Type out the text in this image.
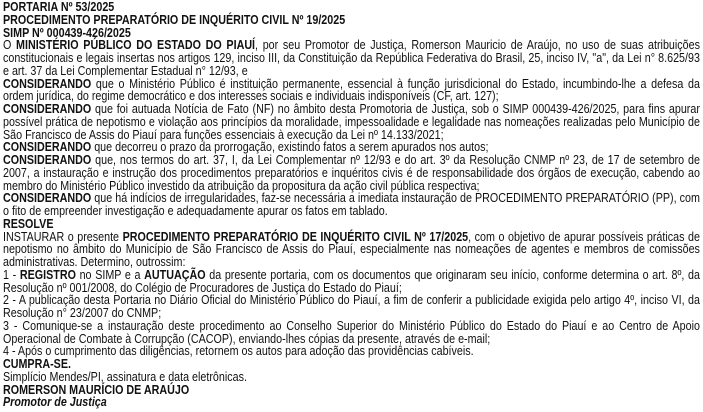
PORTARIA Nº 53/2025

PROCEDIMENTO PREPARATÓRIO DE INQUÉRITO CIVIL Nº 19/2025

SIMP Nº 000439-426/2025

O MINISTÉRIO PÚBLICO DO ESTADO DO PIAUÍ, por seu Promotor de Justiça, Romerson Mauricio de Araújo, no uso de suas atribuições constitucionais e legais insertas nos artigos 129, inciso III, da Constituição da República Federativa do Brasil, 25, inciso IV, "a", da Lei n° 8.625/93 e art. 37 da Lei Complementar Estadual n° 12/93, e

CONSIDERANDO que o Ministério Público é instituição permanente, essencial à função jurisdicional do Estado, incumbindo-lhe a defesa da ordem jurídica, do regime democrático e dos interesses sociais e individuais indisponíveis (CF, art. 127);

CONSIDERANDO que foi autuada Notícia de Fato (NF) no âmbito desta Promotoria de Justiça, sob o SIMP 000439-426/2025, para fins apurar possível prática de nepotismo e violação aos princípios da moralidade, impessoalidade e legalidade nas nomeações realizadas pelo Município de São Francisco de Assis do Piauí para funções essenciais à execução da Lei nº 14.133/2021;

CONSIDERANDO que decorreu o prazo da prorrogação, existindo fatos a serem apurados nos autos;

CONSIDERANDO que, nos termos do art. 37, I, da Lei Complementar nº 12/93 e do art. 3º da Resolução CNMP nº 23, de 17 de setembro de 2007, a instauração e instrução dos procedimentos preparatórios e inquéritos civis é de responsabilidade dos órgãos de execução, cabendo ao membro do Ministério Público investido da atribuição da propositura da ação civil pública respectiva;

CONSIDERANDO que há indícios de irregularidades, faz-se necessária a imediata instauração de PROCEDIMENTO PREPARATÓRIO (PP), com o fito de empreender investigação e adequadamente apurar os fatos em tablado.

RESOLVE

INSTAURAR o presente PROCEDIMENTO PREPARATÓRIO DE INQUÉRITO CIVIL Nº 17/2025, com o objetivo de apurar possíveis práticas de nepotismo no âmbito do Município de São Francisco de Assis do Piauí, especialmente nas nomeações de agentes e membros de comissões administrativas. Determino, outrossim:

1 - REGISTRO no SIMP e a AUTUAÇÃO da presente portaria, com os documentos que originaram seu início, conforme determina o art. 8º, da Resolução nº 001/2008, do Colégio de Procuradores de Justiça do Estado do Piauí;

2 - A publicação desta Portaria no Diário Oficial do Ministério Público do Piauí, a fim de conferir a publicidade exigida pelo artigo 4º, inciso VI, da Resolução n° 23/2007 do CNMP;

3 - Comunique-se a instauração deste procedimento ao Conselho Superior do Ministério Público do Estado do Piauí e ao Centro de Apoio Operacional de Combate à Corrupção (CACOP), enviando-lhes cópias da presente, através de e-mail;

4 - Após o cumprimento das diligências, retornem os autos para adoção das providências cabíveis.

CUMPRA-SE.

Simplício Mendes/PI, assinatura e data eletrônicas.

ROMERSON MAURÍCIO DE ARAÚJO

Promotor de Justiça
